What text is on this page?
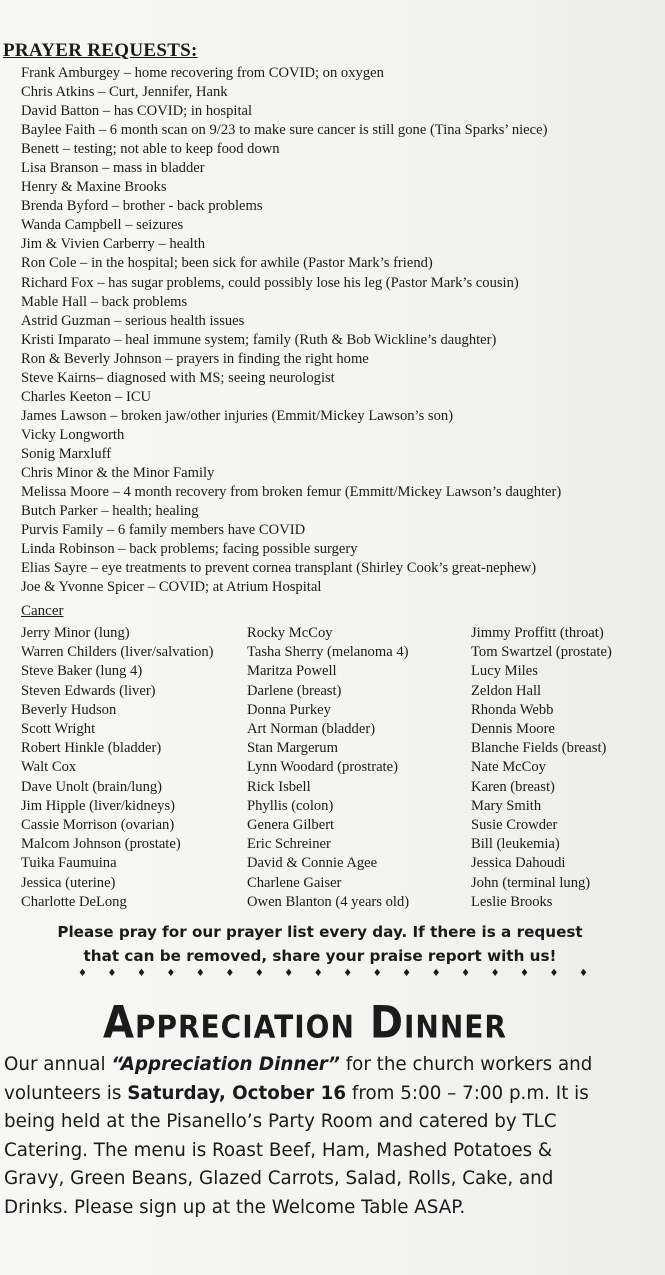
PRAYER REQUESTS:
Frank Amburgey – home recovering from COVID; on oxygen
Chris Atkins – Curt, Jennifer, Hank
David Batton – has COVID; in hospital
Baylee Faith – 6 month scan on 9/23 to make sure cancer is still gone (Tina Sparks’ niece)
Benett – testing; not able to keep food down
Lisa Branson – mass in bladder
Henry & Maxine Brooks
Brenda Byford – brother - back problems
Wanda Campbell – seizures
Jim & Vivien Carberry – health
Ron Cole – in the hospital; been sick for awhile (Pastor Mark’s friend)
Richard Fox – has sugar problems, could possibly lose his leg (Pastor Mark’s cousin)
Mable Hall – back problems
Astrid Guzman – serious health issues
Kristi Imparato – heal immune system; family (Ruth & Bob Wickline’s daughter)
Ron & Beverly Johnson – prayers in finding the right home
Steve Kairns– diagnosed with MS; seeing neurologist
Charles Keeton – ICU
James Lawson – broken jaw/other injuries (Emmit/Mickey Lawson’s son)
Vicky Longworth
Sonig Marxluff
Chris Minor & the Minor Family
Melissa Moore – 4 month recovery from broken femur (Emmitt/Mickey Lawson’s daughter)
Butch Parker – health; healing
Purvis Family – 6 family members have COVID
Linda Robinson – back problems; facing possible surgery
Elias Sayre – eye treatments to prevent cornea transplant (Shirley Cook’s great-nephew)
Joe & Yvonne Spicer – COVID; at Atrium Hospital
Cancer
Jerry Minor (lung)
Warren Childers (liver/salvation)
Steve Baker (lung 4)
Steven Edwards (liver)
Beverly Hudson
Scott Wright
Robert Hinkle (bladder)
Walt Cox
Dave Unolt (brain/lung)
Jim Hipple (liver/kidneys)
Cassie Morrison (ovarian)
Malcom Johnson (prostate)
Tuika Faumuina
Jessica (uterine)
Charlotte DeLong
Rocky McCoy
Tasha Sherry (melanoma 4)
Maritza Powell
Darlene (breast)
Donna Purkey
Art Norman (bladder)
Stan Margerum
Lynn Woodard (prostrate)
Rick Isbell
Phyllis (colon)
Genera Gilbert
Eric Schreiner
David & Connie Agee
Charlene Gaiser
Owen Blanton (4 years old)
Jimmy Proffitt (throat)
Tom Swartzel (prostate)
Lucy Miles
Zeldon Hall
Rhonda Webb
Dennis Moore
Blanche Fields (breast)
Nate McCoy
Karen (breast)
Mary Smith
Susie Crowder
Bill (leukemia)
Jessica Dahoudi
John (terminal lung)
Leslie Brooks
Please pray for our prayer list every day. If there is a request
that can be removed, share your praise report with us!
♦ ♦ ♦ ♦ ♦ ♦ ♦ ♦ ♦ ♦ ♦ ♦ ♦ ♦ ♦ ♦ ♦ ♦
Appreciation Dinner
Our annual “Appreciation Dinner” for the church workers and
volunteers is Saturday, October 16 from 5:00 – 7:00 p.m. It is
being held at the Pisanello’s Party Room and catered by TLC
Catering. The menu is Roast Beef, Ham, Mashed Potatoes &
Gravy, Green Beans, Glazed Carrots, Salad, Rolls, Cake, and
Drinks. Please sign up at the Welcome Table ASAP.
